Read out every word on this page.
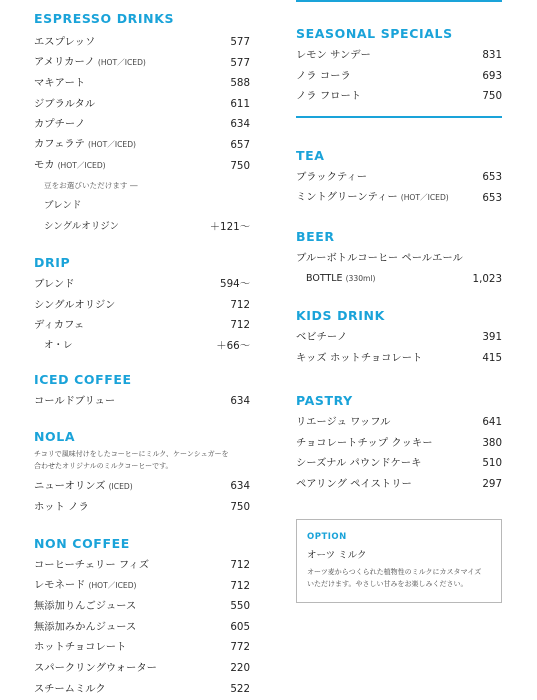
ESPRESSO DRINKS
エスプレッソ	577
アメリカーノ (HOT／ICED)	577
マキアート	588
ジブラルタル	611
カプチーノ	634
カフェラテ (HOT／ICED)	657
モカ (HOT／ICED)	750
豆をお選びいただけます ―
ブレンド
シングルオリジン	＋121〜
DRIP
ブレンド	594〜
シングルオリジン	712
ディカフェ	712
オ・レ	＋66〜
ICED COFFEE
コールドブリュー	634
NOLA
チコリで風味付けをしたコーヒーにミルク、ケーンシュガーを
合わせたオリジナルのミルクコーヒーです。
ニューオリンズ (ICED)	634
ホット ノラ	750
NON COFFEE
コーヒーチェリー フィズ	712
レモネード (HOT／ICED)	712
無添加りんごジュース	550
無添加みかんジュース	605
ホットチョコレート	772
スパークリングウォーター	220
スチームミルク	522
SEASONAL SPECIALS
レモン サンデー	831
ノラ コーラ	693
ノラ フロート	750
TEA
ブラックティー	653
ミントグリーンティー (HOT／ICED)	653
BEER
ブルーボトルコーヒー ペールエール
BOTTLE (330ml)	1,023
KIDS DRINK
ベビチーノ	391
キッズ ホットチョコレート	415
PASTRY
リエージュ ワッフル	641
チョコレートチップ クッキー	380
シーズナル パウンドケーキ	510
ペアリング ペイストリー	297
OPTION
オーツ ミルク
オーツ麦からつくられた植物性のミルクにカスタマイズ
いただけます。やさしい甘みをお楽しみください。
